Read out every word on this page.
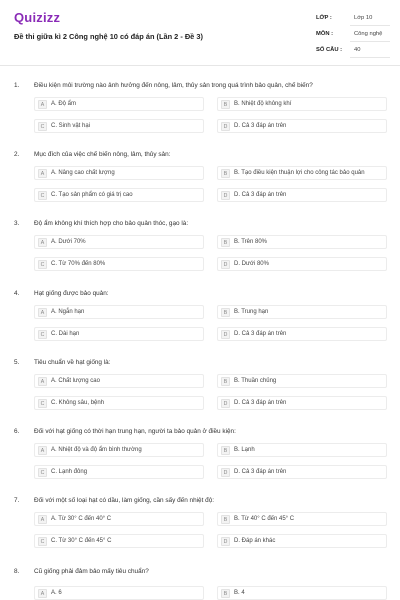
Quizizz
Đề thi giữa kì 2 Công nghệ 10 có đáp án (Lần 2 - Đề 3)
LỚP :	Lớp 10
MÔN :	Công nghệ
SỐ CÂU :	40
1. Điều kiện môi trường nào ảnh hưởng đến nông, lâm, thủy sản trong quá trình bảo quản, chế biến?
A	A. Độ ẩm	B	B. Nhiệt độ không khí
C	C. Sinh vật hại	D	D. Cả 3 đáp án trên
2. Mục đích của việc chế biến nông, lâm, thủy sản:
A	A. Nâng cao chất lượng	B	B. Tạo điều kiện thuận lợi cho công tác bảo quản
C	C. Tạo sản phẩm có giá trị cao	D	D. Cả 3 đáp án trên
3. Độ ẩm không khí thích hợp cho bảo quản thóc, gạo là:
A	A. Dưới 70%	B	B. Trên 80%
C	C. Từ 70% đến 80%	D	D. Dưới 80%
4. Hạt giống được bảo quản:
A	A. Ngắn hạn	B	B. Trung hạn
C	C. Dài hạn	D	D. Cả 3 đáp án trên
5. Tiêu chuẩn về hạt giống là:
A	A. Chất lượng cao	B	B. Thuần chủng
C	C. Không sâu, bệnh	D	D. Cả 3 đáp án trên
6. Đối với hạt giống có thời hạn trung hạn, người ta bảo quản ở điều kiện:
A	A. Nhiệt độ và độ ẩm bình thường	B	B. Lạnh
C	C. Lạnh đông	D	D. Cả 3 đáp án trên
7. Đối với một số loại hạt có dầu, làm giống, cần sấy đến nhiệt độ:
A	A. Từ 30° C đến 40° C	B	B. Từ 40° C đến 45° C
C	C. Từ 30° C đến 45° C	D	D. Đáp án khác
8. Cũ giống phải đảm bảo mấy tiêu chuẩn?
A	A. 6	B	B. 4
